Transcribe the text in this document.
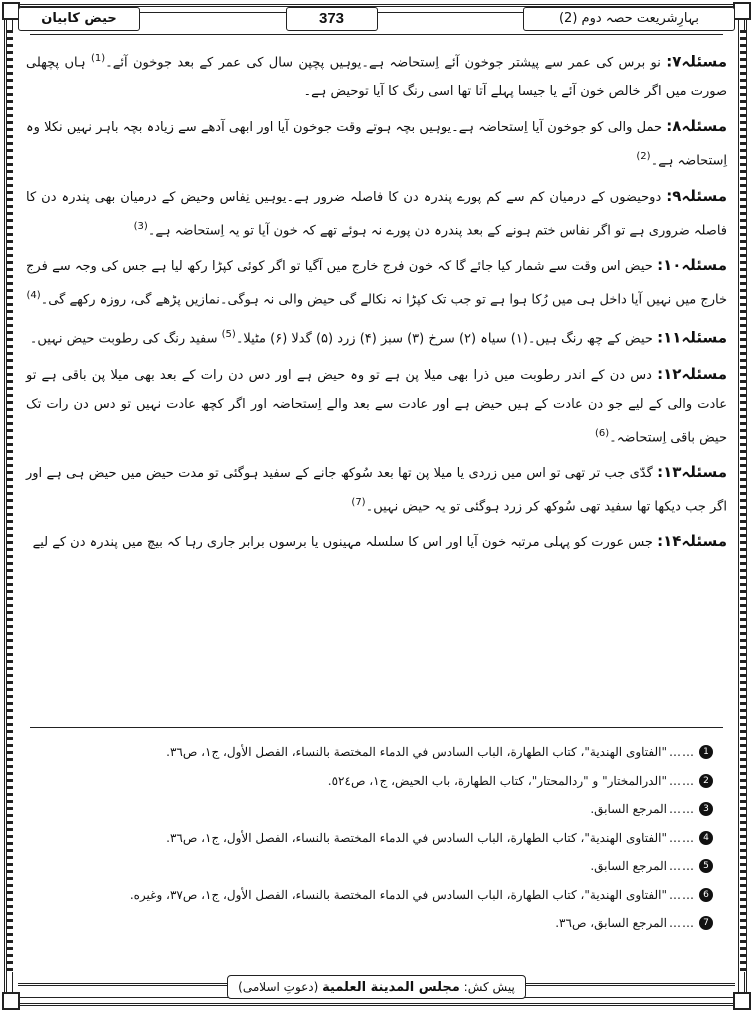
بہارِشریعت حصہ دوم (2)
373
حیض کابیان

مسئلہ۷: نو برس کی عمر سے پیشتر جوخون آئے اِستحاضہ ہے۔یوہیں پچپن سال کی عمر کے بعد جوخون آئے۔$^{(1)}$ ہاں پچھلی صورت میں اگر خالص خون آئے یا جیسا پہلے آتا تھا اسی رنگ کا آیا توحیض ہے۔

مسئلہ۸: حمل والی کو جوخون آیا اِستحاضہ ہے۔یوہیں بچہ ہوتے وقت جوخون آیا اور ابھی آدھے سے زیادہ بچہ باہر نہیں نکلا وہ اِستحاضہ ہے۔$^{(2)}$

مسئلہ۹: دوحیضوں کے درمیان کم سے کم پورے پندرہ دن کا فاصلہ ضرور ہے۔یوہیں نِفاس وحیض کے درمیان بھی پندرہ دن کا فاصلہ ضروری ہے تو اگر نفاس ختم ہونے کے بعد پندرہ دن پورے نہ ہوئے تھے کہ خون آیا تو یہ اِستحاضہ ہے۔$^{(3)}$

مسئلہ۱۰: حیض اس وقت سے شمار کیا جائے گا کہ خون فرج خارج میں آگیا تو اگر کوئی کپڑا رکھ لیا ہے جس کی وجہ سے فرج خارج میں نہیں آیا داخل ہی میں رُکا ہوا ہے تو جب تک کپڑا نہ نکالے گی حیض والی نہ ہوگی۔نمازیں پڑھے گی، روزہ رکھے گی۔$^{(4)}$

مسئلہ۱۱: حیض کے چھ رنگ ہیں۔(۱) سیاہ (۲) سرخ (۳) سبز (۴) زرد (۵) گدلا (۶) مٹیلا۔$^{(5)}$ سفید رنگ کی رطوبت حیض نہیں۔

مسئلہ۱۲: دس دن کے اندر رطوبت میں ذرا بھی میلا پن ہے تو وہ حیض ہے اور دس دن رات کے بعد بھی میلا پن باقی ہے تو عادت والی کے لیے جو دن عادت کے ہیں حیض ہے اور عادت سے بعد والے اِستحاضہ اور اگر کچھ عادت نہیں تو دس دن رات تک حیض باقی اِستحاضہ۔$^{(6)}$

مسئلہ۱۳: گدّی جب تر تھی تو اس میں زردی یا میلا پن تھا بعد سُوکھ جانے کے سفید ہوگئی تو مدت حیض میں حیض ہی ہے اور اگر جب دیکھا تھا سفید تھی سُوکھ کر زرد ہوگئی تو یہ حیض نہیں۔$^{(7)}$

مسئلہ۱۴: جس عورت کو پہلی مرتبہ خون آیا اور اس کا سلسلہ مہینوں یا برسوں برابر جاری رہا کہ بیچ میں پندرہ دن کے لیے

1
……
"الفتاوى الهندية"، كتاب الطهارة، الباب السادس في الدماء المختصة بالنساء، الفصل الأول، ج١، ص٣٦.
2
……
"الدرالمختار" و "ردالمحتار"، كتاب الطهارة، باب الحيض، ج١، ص٥٢٤.
3
……
المرجع السابق.
4
……
"الفتاوى الهندية"، كتاب الطهارة، الباب السادس في الدماء المختصة بالنساء، الفصل الأول، ج١، ص٣٦.
5
……
المرجع السابق.
6
……
"الفتاوى الهندية"، كتاب الطهارة، الباب السادس في الدماء المختصة بالنساء، الفصل الأول، ج١، ص٣٧، وغيره.
7
……
المرجع السابق، ص٣٦.
پیش کش: مجلس المدینة العلمیة (دعوتِ اسلامی)
